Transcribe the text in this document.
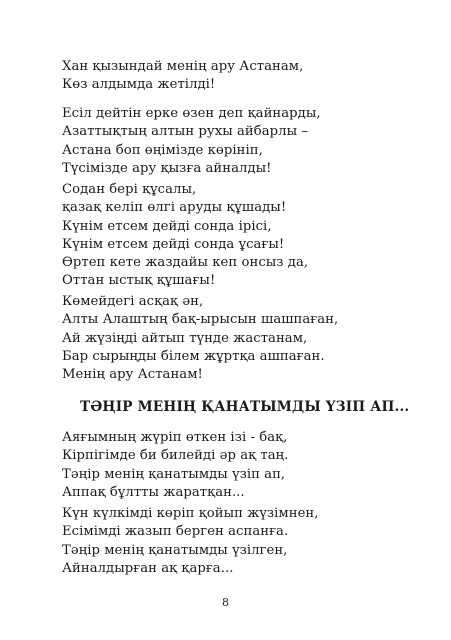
Хан қызындай менің ару Астанам,
Көз алдымда жетілді!
Есіл дейтін ерке өзен деп қайнарды,
Азаттықтың алтын рухы айбарлы –
Астана боп өңімізде көрініп,
Түсімізде ару қызға айналды!
Содан бері құсалы,
қазақ келіп өлгі аруды құшады!
Күнім етсем дейді сонда ірісі,
Күнім етсем дейді сонда ұсағы!
Өртеп кете жаздайы кеп онсыз да,
Оттан ыстық құшағы!
Көмейдегі асқақ ән,
Алты Алаштың бақ-ырысын шашпаған,
Ай жүзіңді айтып түнде жастанам,
Бар сырыңды білем жұртқа ашпаған.
Менің ару Астанам!
ТӘҢІР МЕНІҢ ҚАНАТЫМДЫ ҮЗІП АП...
Аяғымның жүріп өткен ізі - бақ,
Кірпігімде би билейді әр ақ таң.
Тәңір менің қанатымды үзіп ап,
Аппақ бұлтты жаратқан...
Күн күлкімді көріп қойып жүзімнен,
Есімімді жазып берген аспанға.
Тәңір менің қанатымды үзілген,
Айналдырған ақ қарға...
8
